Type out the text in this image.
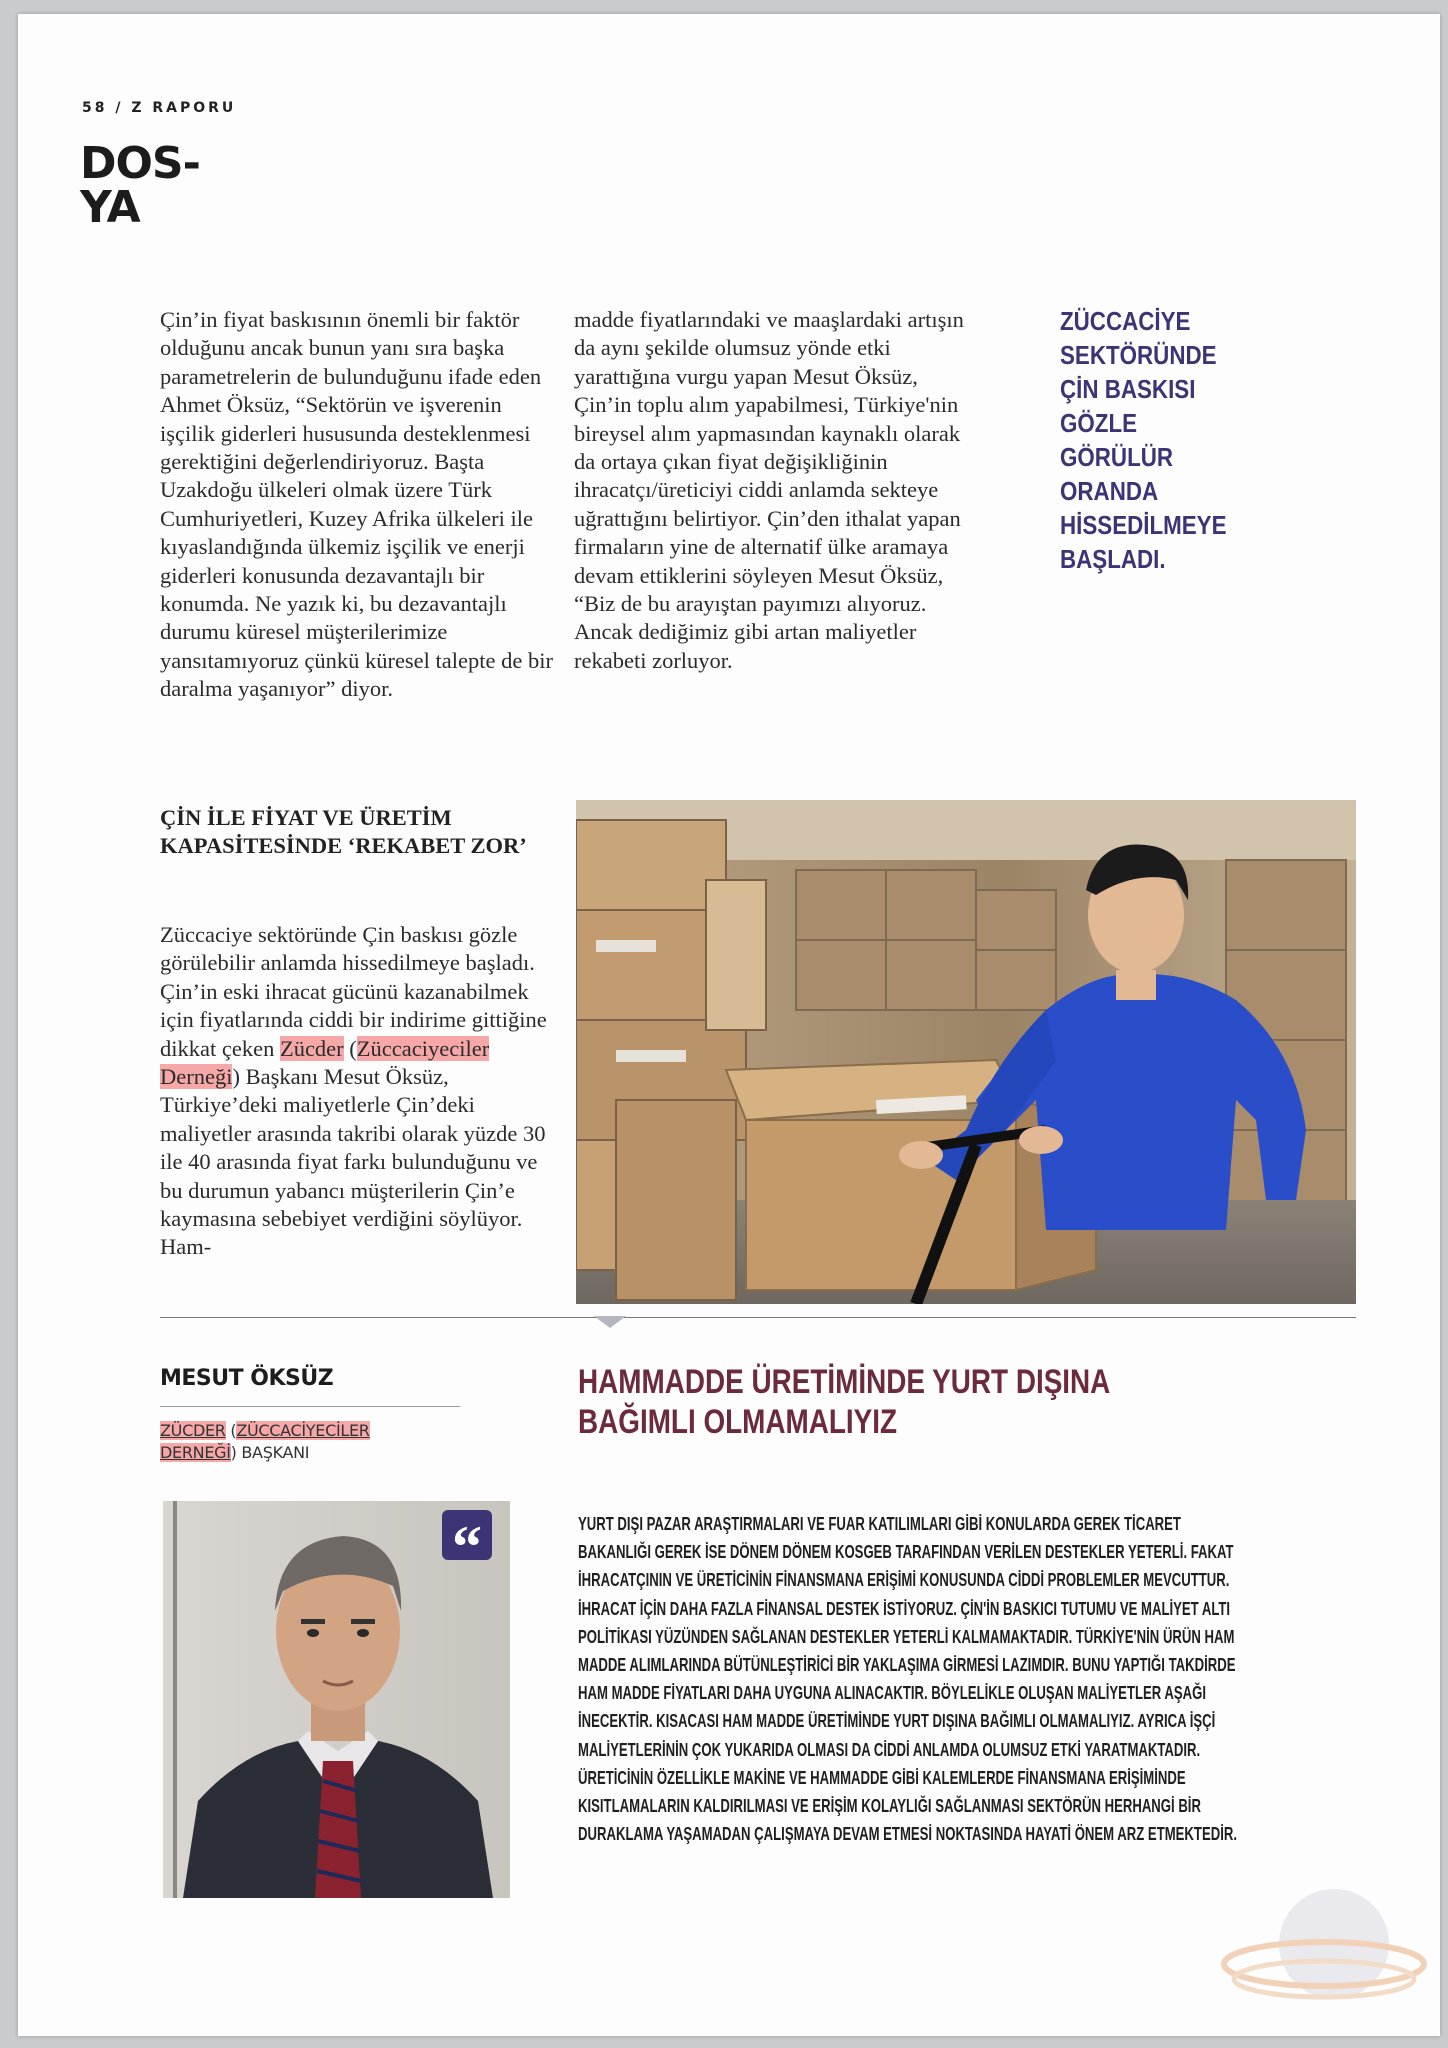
58 / Z RAPORU
DOS-
YA

Çin’in fiyat baskısının önemli bir faktör olduğunu ancak bunun yanı sıra başka parametrelerin de bulunduğunu ifade eden Ahmet Öksüz, “Sektörün ve işverenin işçilik giderleri hususunda desteklenmesi gerektiğini değerlendiriyoruz. Başta Uzakdoğu ülkeleri olmak üzere Türk Cumhuriyetleri, Kuzey Afrika ülkeleri ile kıyaslandığında ülkemiz işçilik ve enerji giderleri konusunda dezavantajlı bir konumda. Ne yazık ki, bu dezavantajlı durumu küresel müşterilerimize yansıtamıyoruz çünkü küresel talepte de bir daralma yaşanıyor” diyor.

madde fiyatlarındaki ve maaşlardaki artışın da aynı şekilde olumsuz yönde etki yarattığına vurgu yapan Mesut Öksüz, Çin’in toplu alım yapabilmesi, Türkiye'nin bireysel alım yapmasından kaynaklı olarak da ortaya çıkan fiyat değişikliğinin ihracatçı/üreticiyi ciddi anlamda sekteye uğrattığını belirtiyor. Çin’den ithalat yapan firmaların yine de alternatif ülke aramaya devam ettiklerini söyleyen Mesut Öksüz, “Biz de bu arayıştan payımızı alıyoruz. Ancak dediğimiz gibi artan maliyetler rekabeti zorluyor.

ZÜCCACİYE SEKTÖRÜNDE ÇİN BASKISI GÖZLE GÖRÜLÜR ORANDA HİSSEDİLMEYE BAŞLADI.
ÇİN İLE FİYAT VE ÜRETİM KAPASİTESİNDE ‘REKABET ZOR’

Züccaciye sektöründe Çin baskısı gözle görülebilir anlamda hissedilmeye başladı. Çin’in eski ihracat gücünü kazanabilmek için fiyatlarında ciddi bir indirime gittiğine dikkat çeken Zücder (Züccaciyeciler Derneği) Başkanı Mesut Öksüz, Türkiye’deki maliyetlerle Çin’deki maliyetler arasında takribi olarak yüzde 30 ile 40 arasında fiyat farkı bulunduğunu ve bu durumun yabancı müşterilerin Çin’e kaymasına sebebiyet verdiğini söylüyor. Ham-

MESUT ÖKSÜZ
ZÜCDER (ZÜCCACİYECİLER
DERNEĞİ) BAŞKANI
“
HAMMADDE ÜRETİMİNDE YURT DIŞINA BAĞIMLI OLMAMALIYIZ
YURT DIŞI PAZAR ARAŞTIRMALARI VE FUAR KATILIMLARI GİBİ KONULARDA GEREK TİCARET BAKANLIĞI GEREK İSE DÖNEM DÖNEM KOSGEB TARAFINDAN VERİLEN DESTEKLER YETERLİ. FAKAT İHRACATÇININ VE ÜRETİCİNİN FİNANSMANA ERİŞİMİ KONUSUNDA CİDDİ PROBLEMLER MEVCUTTUR. İHRACAT İÇİN DAHA FAZLA FİNANSAL DESTEK İSTİYORUZ. ÇİN'İN BASKICI TUTUMU VE MALİYET ALTI POLİTİKASI YÜZÜNDEN SAĞLANAN DESTEKLER YETERLİ KALMAMAKTADIR. TÜRKİYE'NİN ÜRÜN HAM MADDE ALIMLARINDA BÜTÜNLEŞTİRİCİ BİR YAKLAŞIMA GİRMESİ LAZIMDIR. BUNU YAPTIĞI TAKDİRDE HAM MADDE FİYATLARI DAHA UYGUNA ALINACAKTIR. BÖYLELİKLE OLUŞAN MALİYETLER AŞAĞI İNECEKTİR. KISACASI HAM MADDE ÜRETİMİNDE YURT DIŞINA BAĞIMLI OLMAMALIYIZ. AYRICA İŞÇİ MALİYETLERİNİN ÇOK YUKARIDA OLMASI DA CİDDİ ANLAMDA OLUMSUZ ETKİ YARATMAKTADIR. ÜRETİCİNİN ÖZELLİKLE MAKİNE VE HAMMADDE GİBİ KALEMLERDE FİNANSMANA ERİŞİMİNDE KISITLAMALARIN KALDIRILMASI VE ERİŞİM KOLAYLIĞI SAĞLANMASI SEKTÖRÜN HERHANGİ BİR DURAKLAMA YAŞAMADAN ÇALIŞMAYA DEVAM ETMESİ NOKTASINDA HAYATİ ÖNEM ARZ ETMEKTEDİR.
